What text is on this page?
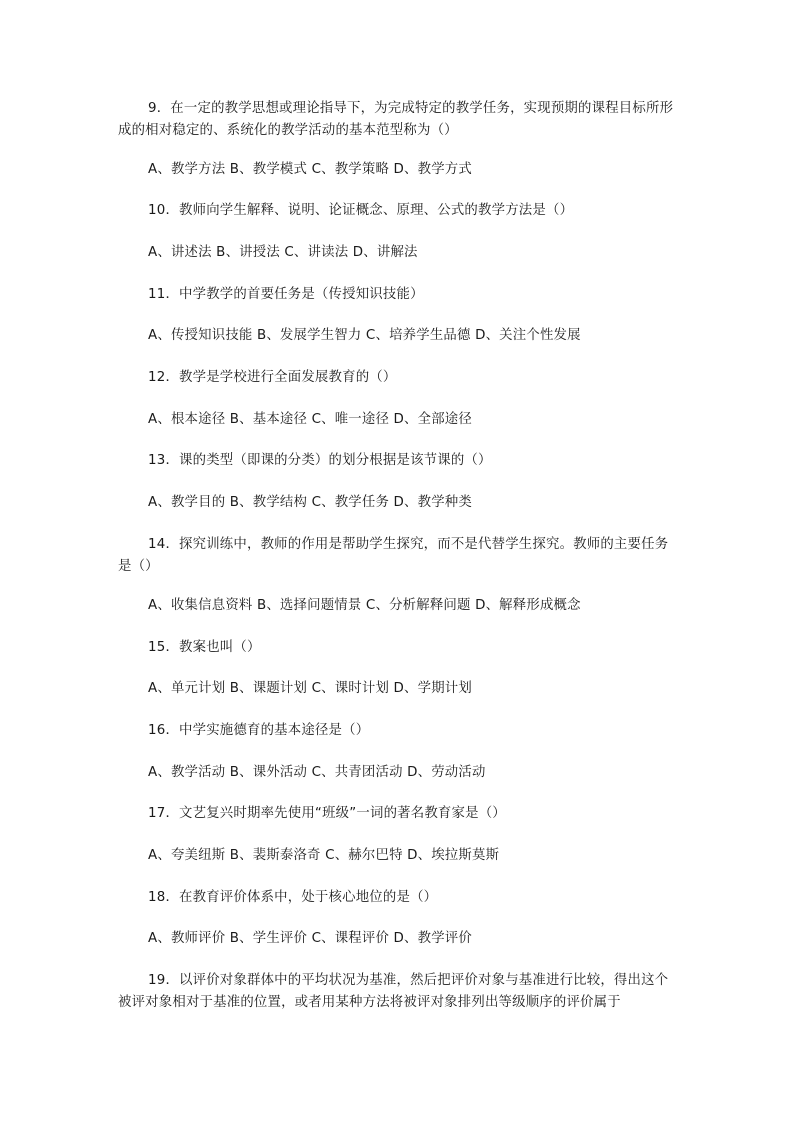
9．在一定的教学思想或理论指导下，为完成特定的教学任务，实现预期的课程目标所形成的相对稳定的、系统化的教学活动的基本范型称为（）
A、教学方法 B、教学模式 C、教学策略 D、教学方式
10．教师向学生解释、说明、论证概念、原理、公式的教学方法是（）
A、讲述法 B、讲授法 C、讲读法 D、讲解法
11．中学教学的首要任务是（传授知识技能）
A、传授知识技能 B、发展学生智力 C、培养学生品德 D、关注个性发展
12．教学是学校进行全面发展教育的（）
A、根本途径 B、基本途径 C、唯一途径 D、全部途径
13．课的类型（即课的分类）的划分根据是该节课的（）
A、教学目的 B、教学结构 C、教学任务 D、教学种类
14．探究训练中，教师的作用是帮助学生探究，而不是代替学生探究。教师的主要任务是（）
A、收集信息资料 B、选择问题情景 C、分析解释问题 D、解释形成概念
15．教案也叫（）
A、单元计划 B、课题计划 C、课时计划 D、学期计划
16．中学实施德育的基本途径是（）
A、教学活动 B、课外活动 C、共青团活动 D、劳动活动
17．文艺复兴时期率先使用“班级”一词的著名教育家是（）
A、夸美纽斯 B、裴斯泰洛奇 C、赫尔巴特 D、埃拉斯莫斯
18．在教育评价体系中，处于核心地位的是（）
A、教师评价 B、学生评价 C、课程评价 D、教学评价
19．以评价对象群体中的平均状况为基准，然后把评价对象与基准进行比较，得出这个被评对象相对于基准的位置，或者用某种方法将被评对象排列出等级顺序的评价属于
